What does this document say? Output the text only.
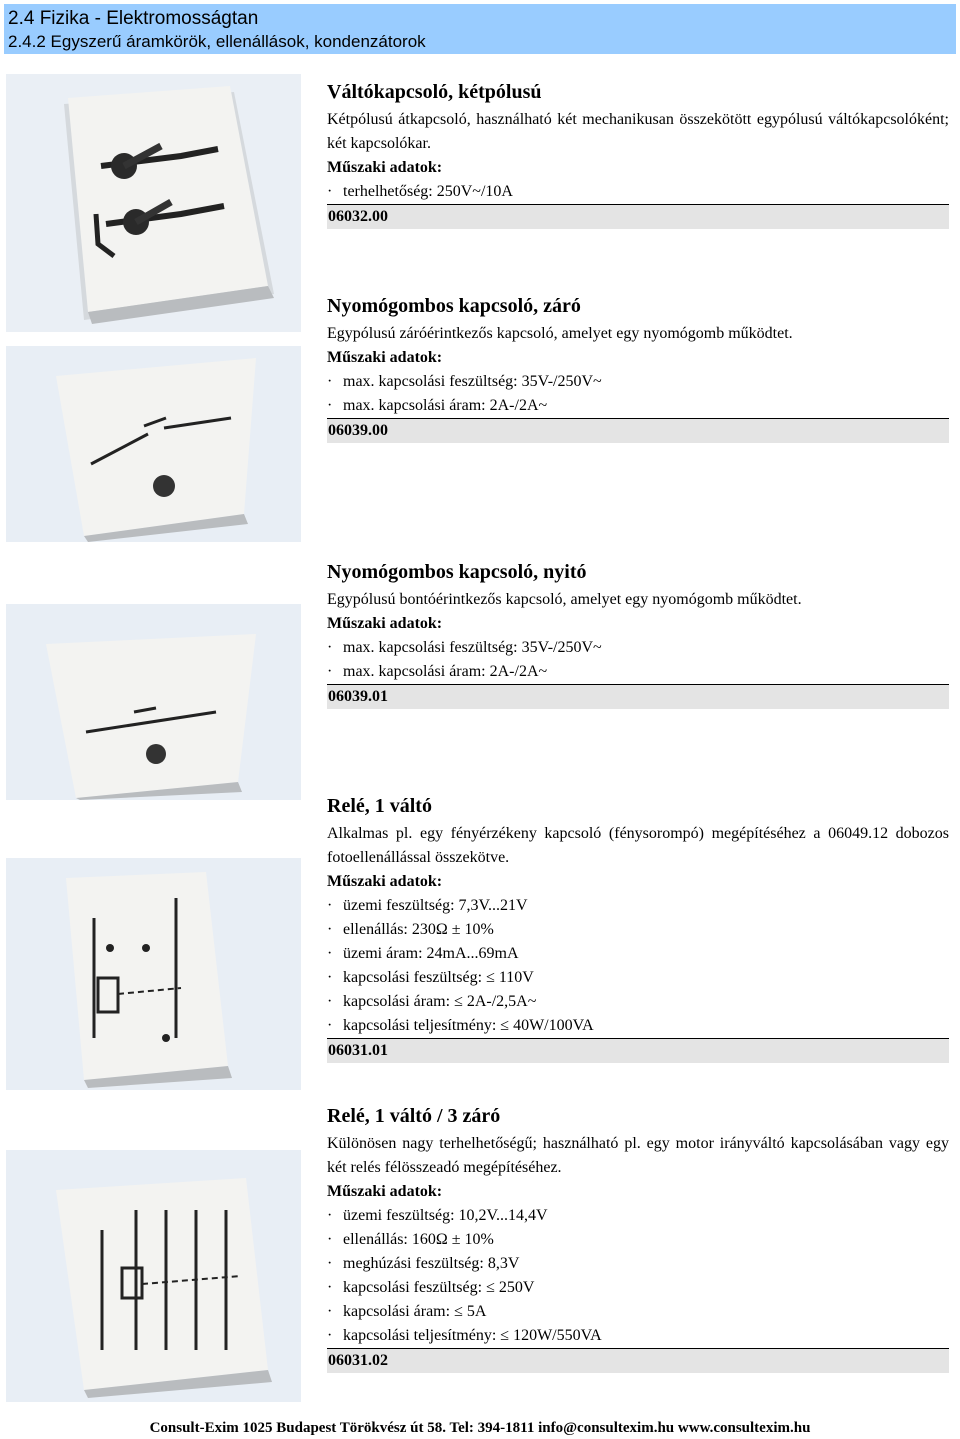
2.4 Fizika - Elektromosságtan
2.4.2 Egyszerű áramkörök, ellenállások, kondenzátorok
Váltókapcsoló, kétpólusú
Kétpólusú átkapcsoló, használható két mechanikusan összekötött egypólusú váltókapcsolóként; két kapcsolókar.
Műszaki adatok:
· terhelhetőség: 250V~/10A
06032.00
Nyomógombos kapcsoló, záró
Egypólusú záróérintkezős kapcsoló, amelyet egy nyomógomb működtet.
Műszaki adatok:
· max. kapcsolási feszültség: 35V-/250V~
· max. kapcsolási áram: 2A-/2A~
06039.00
Nyomógombos kapcsoló, nyitó
Egypólusú bontóérintkezős kapcsoló, amelyet egy nyomógomb működtet.
Műszaki adatok:
· max. kapcsolási feszültség: 35V-/250V~
· max. kapcsolási áram: 2A-/2A~
06039.01
Relé, 1 váltó
Alkalmas pl. egy fényérzékeny kapcsoló (fénysorompó) megépítéséhez a 06049.12 dobozos fotoellenállással összekötve.
Műszaki adatok:
· üzemi feszültség: 7,3V...21V
· ellenállás: 230Ω ± 10%
· üzemi áram: 24mA...69mA
· kapcsolási feszültség: ≤ 110V
· kapcsolási áram: ≤ 2A-/2,5A~
· kapcsolási teljesítmény: ≤ 40W/100VA
06031.01
Relé, 1 váltó / 3 záró
Különösen nagy terhelhetőségű; használható pl. egy motor irányváltó kapcsolásában vagy egy két relés félösszeadó megépítéséhez.
Műszaki adatok:
· üzemi feszültség: 10,2V...14,4V
· ellenállás: 160Ω ± 10%
· meghúzási feszültség: 8,3V
· kapcsolási feszültség: ≤ 250V
· kapcsolási áram: ≤ 5A
· kapcsolási teljesítmény: ≤ 120W/550VA
06031.02
Consult-Exim 1025 Budapest Törökvész út 58. Tel: 394-1811 info@consultexim.hu www.consultexim.hu
